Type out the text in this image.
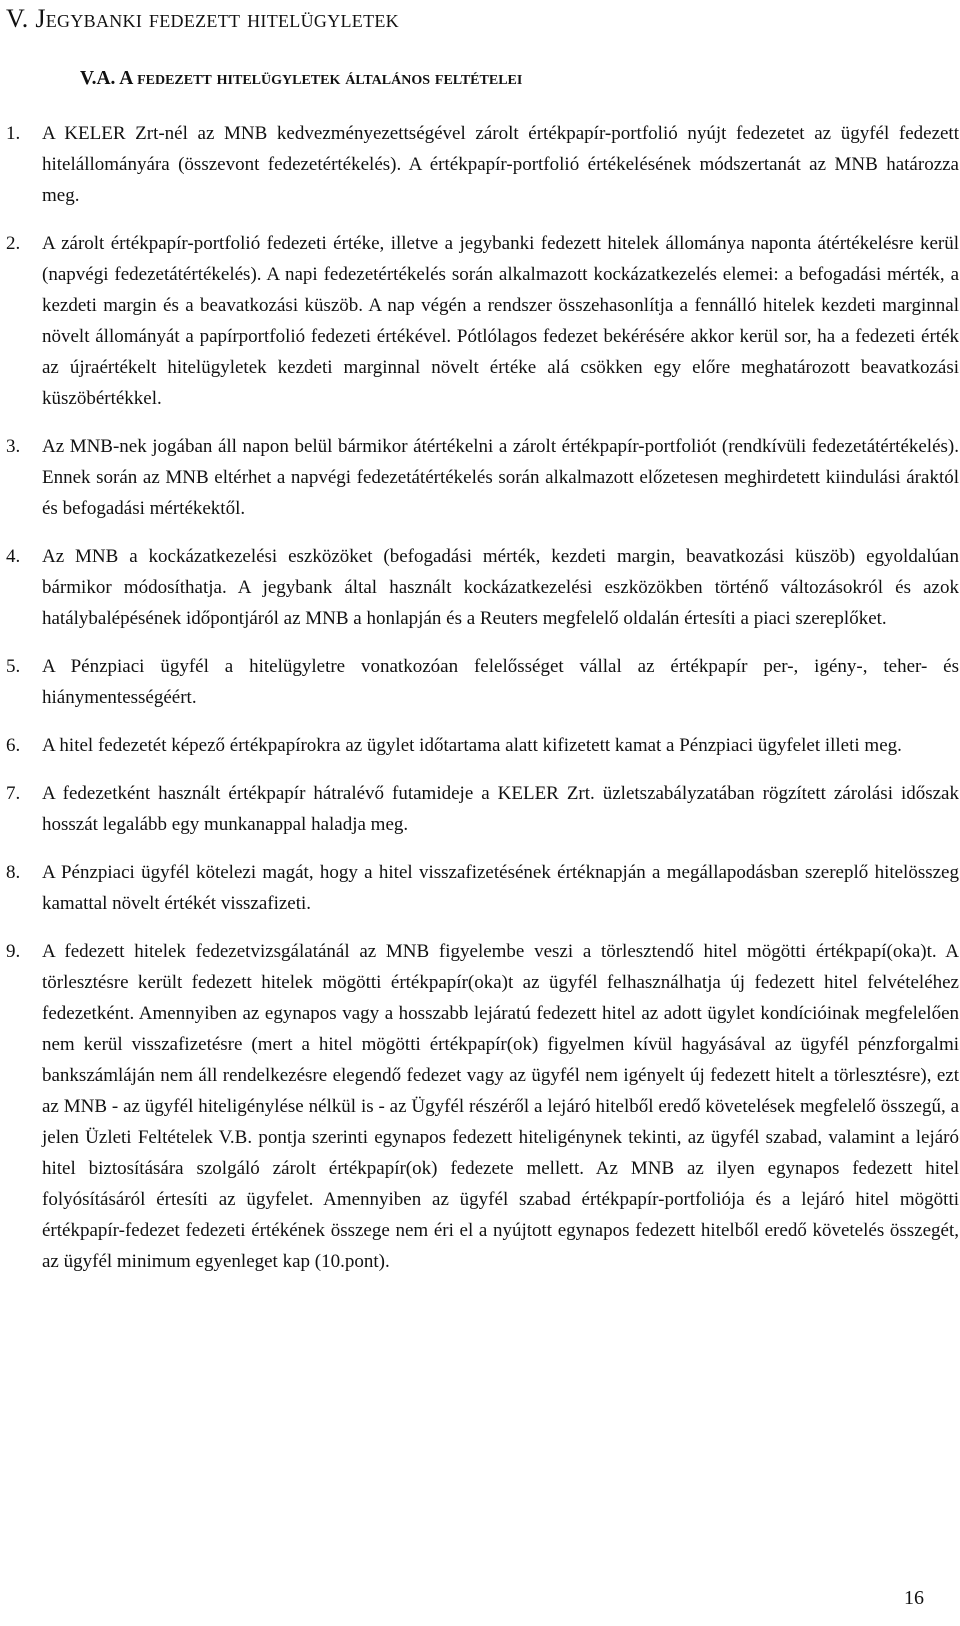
V. Jegybanki fedezett hitelügyletek
V.A. A fedezett hitelügyletek általános feltételei
1. A KELER Zrt-nél az MNB kedvezményezettségével zárolt értékpapír-portfolió nyújt fedezetet az ügyfél fedezett hitelállományára (összevont fedezetértékelés). A értékpapír-portfolió értékelésének módszertanát az MNB határozza meg.

2. A zárolt értékpapír-portfolió fedezeti értéke, illetve a jegybanki fedezett hitelek állománya naponta átértékelésre kerül (napvégi fedezetátértékelés). A napi fedezetértékelés során alkalmazott kockázatkezelés elemei: a befogadási mérték, a kezdeti margin és a beavatkozási küszöb. A nap végén a rendszer összehasonlítja a fennálló hitelek kezdeti marginnal növelt állományát a papírportfolió fedezeti értékével. Pótlólagos fedezet bekérésére akkor kerül sor, ha a fedezeti érték az újraértékelt hitelügyletek kezdeti marginnal növelt értéke alá csökken egy előre meghatározott beavatkozási küszöbértékkel.

3. Az MNB-nek jogában áll napon belül bármikor átértékelni a zárolt értékpapír-portfoliót (rendkívüli fedezetátértékelés). Ennek során az MNB eltérhet a napvégi fedezetátértékelés során alkalmazott előzetesen meghirdetett kiindulási áraktól és befogadási mértékektől.

4. Az MNB a kockázatkezelési eszközöket (befogadási mérték, kezdeti margin, beavatkozási küszöb) egyoldalúan bármikor módosíthatja. A jegybank által használt kockázatkezelési eszközökben történő változásokról és azok hatálybalépésének időpontjáról az MNB a honlapján és a Reuters megfelelő oldalán értesíti a piaci szereplőket.

5. A Pénzpiaci ügyfél a hitelügyletre vonatkozóan felelősséget vállal az értékpapír per-, igény-, teher- és hiánymentességéért.

6. A hitel fedezetét képező értékpapírokra az ügylet időtartama alatt kifizetett kamat a Pénzpiaci ügyfelet illeti meg.

7. A fedezetként használt értékpapír hátralévő futamideje a KELER Zrt. üzletszabályzatában rögzített zárolási időszak hosszát legalább egy munkanappal haladja meg.

8. A Pénzpiaci ügyfél kötelezi magát, hogy a hitel visszafizetésének értéknapján a megállapodásban szereplő hitelösszeg kamattal növelt értékét visszafizeti.

9. A fedezett hitelek fedezetvizsgálatánál az MNB figyelembe veszi a törlesztendő hitel mögötti értékpapí(oka)t. A törlesztésre került fedezett hitelek mögötti értékpapír(oka)t az ügyfél felhasználhatja új fedezett hitel felvételéhez fedezetként. Amennyiben az egynapos vagy a hosszabb lejáratú fedezett hitel az adott ügylet kondícióinak megfelelően nem kerül visszafizetésre (mert a hitel mögötti értékpapír(ok) figyelmen kívül hagyásával az ügyfél pénzforgalmi bankszámláján nem áll rendelkezésre elegendő fedezet vagy az ügyfél nem igényelt új fedezett hitelt a törlesztésre), ezt az MNB - az ügyfél hiteligénylése nélkül is - az Ügyfél részéről a lejáró hitelből eredő követelések megfelelő összegű, a jelen Üzleti Feltételek V.B. pontja szerinti egynapos fedezett hiteligénynek tekinti, az ügyfél szabad, valamint a lejáró hitel biztosítására szolgáló zárolt értékpapír(ok) fedezete mellett. Az MNB az ilyen egynapos fedezett hitel folyósításáról értesíti az ügyfelet. Amennyiben az ügyfél szabad értékpapír-portfoliója és a lejáró hitel mögötti értékpapír-fedezet fedezeti értékének összege nem éri el a nyújtott egynapos fedezett hitelből eredő követelés összegét, az ügyfél minimum egyenleget kap (10.pont).

16
